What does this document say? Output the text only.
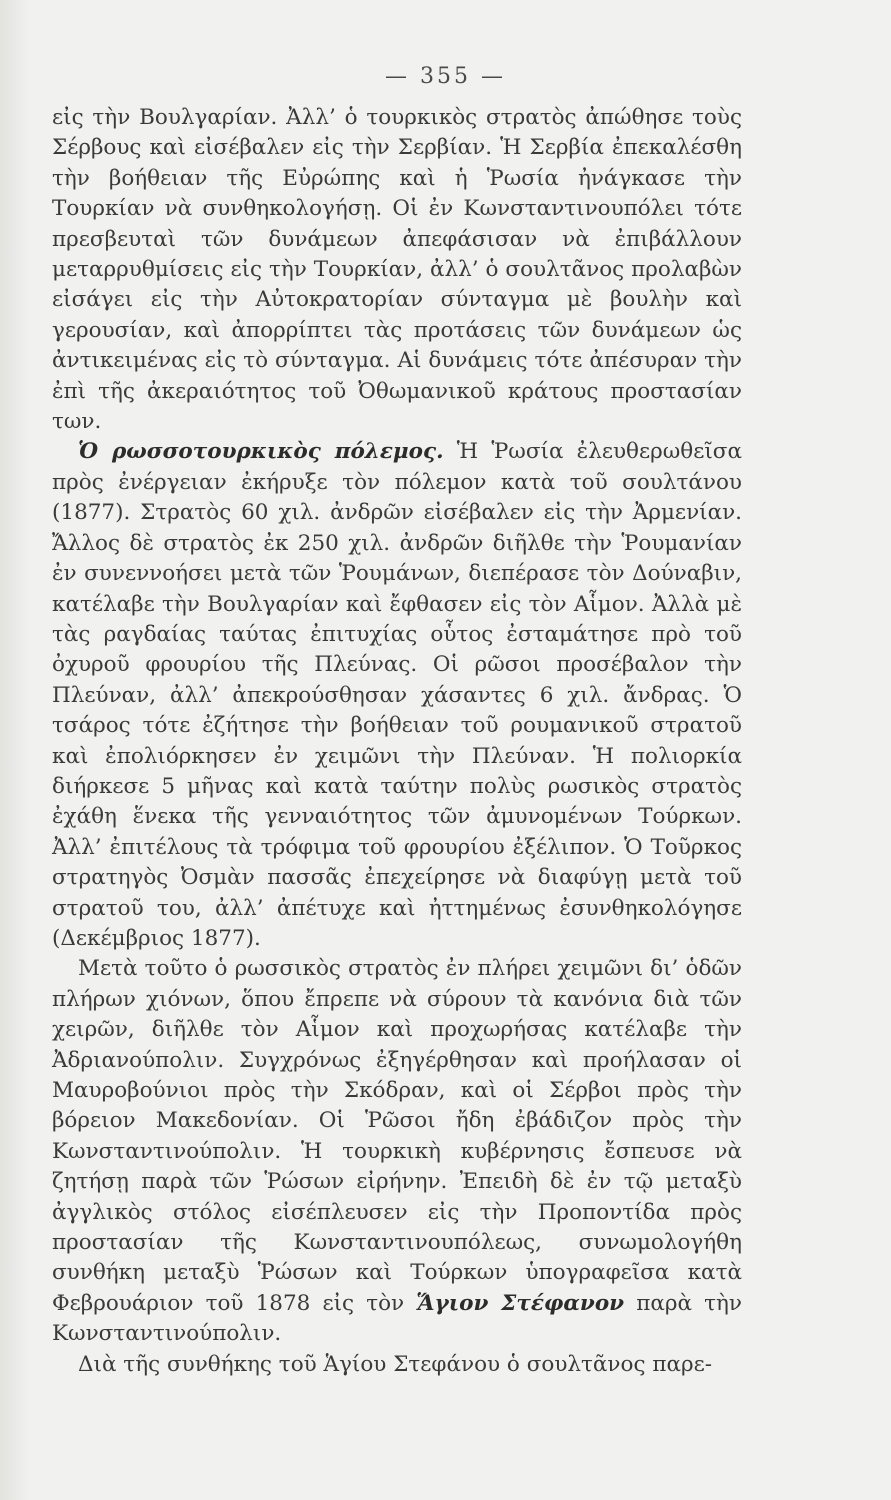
— 355 —

εἰς τὴν Βουλγαρίαν. Ἀλλ’ ὁ τουρκικὸς στρατὸς ἀπώθησε τοὺς Σέρβους καὶ εἰσέβαλεν εἰς τὴν Σερβίαν. Ἡ Σερβία ἐπεκαλέσθη τὴν βοήθειαν τῆς Εὐρώπης καὶ ἡ Ῥωσία ἠνάγκασε τὴν Τουρκίαν νὰ συνθηκολογήσῃ. Οἱ ἐν Κωνσταντινουπόλει τότε πρεσβευταὶ τῶν δυνάμεων ἀπεφάσισαν νὰ ἐπιβάλλουν μεταρρυθμίσεις εἰς τὴν Τουρκίαν, ἀλλ’ ὁ σουλτᾶνος προλαβὼν εἰσάγει εἰς τὴν Αὐτοκρατορίαν σύνταγμα μὲ βουλὴν καὶ γερουσίαν, καὶ ἀπορρίπτει τὰς προτάσεις τῶν δυνάμεων ὡς ἀντικειμένας εἰς τὸ σύνταγμα. Αἱ δυνάμεις τότε ἀπέσυραν τὴν ἐπὶ τῆς ἀκεραιότητος τοῦ Ὀθωμανικοῦ κράτους προστασίαν των.

Ὁ ρωσσοτουρκικὸς πόλεμος. Ἡ Ῥωσία ἐλευθερωθεῖσα πρὸς ἐνέργειαν ἐκήρυξε τὸν πόλεμον κατὰ τοῦ σουλτάνου (1877). Στρατὸς 60 χιλ. ἀνδρῶν εἰσέβαλεν εἰς τὴν Ἀρμενίαν. Ἄλλος δὲ στρατὸς ἐκ 250 χιλ. ἀνδρῶν διῆλθε τὴν Ῥουμανίαν ἐν συνεννοήσει μετὰ τῶν Ῥουμάνων, διεπέρασε τὸν Δούναβιν, κατέλαβε τὴν Βουλγαρίαν καὶ ἔφθασεν εἰς τὸν Αἷμον. Ἀλλὰ μὲ τὰς ραγδαίας ταύτας ἐπιτυχίας οὗτος ἐσταμάτησε πρὸ τοῦ ὀχυροῦ φρουρίου τῆς Πλεύνας. Οἱ ρῶσοι προσέβαλον τὴν Πλεύναν, ἀλλ’ ἀπεκρούσθησαν χάσαντες 6 χιλ. ἄνδρας. Ὁ τσάρος τότε ἐζήτησε τὴν βοήθειαν τοῦ ρουμανικοῦ στρατοῦ καὶ ἐπολιόρκησεν ἐν χειμῶνι τὴν Πλεύναν. Ἡ πολιορκία διήρκεσε 5 μῆνας καὶ κατὰ ταύτην πολὺς ρωσικὸς στρατὸς ἐχάθη ἕνεκα τῆς γενναιότητος τῶν ἀμυνομένων Τούρκων. Ἀλλ’ ἐπιτέλους τὰ τρόφιμα τοῦ φρουρίου ἐξέλιπον. Ὁ Τοῦρκος στρατηγὸς Ὀσμὰν πασσᾶς ἐπεχείρησε νὰ διαφύγῃ μετὰ τοῦ στρατοῦ του, ἀλλ’ ἀπέτυχε καὶ ἠττημένως ἐσυνθηκολόγησε (Δεκέμβριος 1877).

Μετὰ τοῦτο ὁ ρωσσικὸς στρατὸς ἐν πλήρει χειμῶνι δι’ ὁδῶν πλήρων χιόνων, ὅπου ἔπρεπε νὰ σύρουν τὰ κανόνια διὰ τῶν χειρῶν, διῆλθε τὸν Αἷμον καὶ προχωρήσας κατέλαβε τὴν Ἀδριανούπολιν. Συγχρόνως ἐξηγέρθησαν καὶ προήλασαν οἱ Μαυροβούνιοι πρὸς τὴν Σκόδραν, καὶ οἱ Σέρβοι πρὸς τὴν βόρειον Μακεδονίαν. Οἱ Ῥῶσοι ἤδη ἐβάδιζον πρὸς τὴν Κωνσταντινούπολιν. Ἡ τουρκικὴ κυβέρνησις ἔσπευσε νὰ ζητήσῃ παρὰ τῶν Ῥώσων εἰρήνην. Ἐπειδὴ δὲ ἐν τῷ μεταξὺ ἀγγλικὸς στόλος εἰσέπλευσεν εἰς τὴν Προποντίδα πρὸς προστασίαν τῆς Κωνσταντινουπόλεως, συνωμολογήθη συνθήκη μεταξὺ Ῥώσων καὶ Τούρκων ὑπογραφεῖσα κατὰ Φεβρουάριον τοῦ 1878 εἰς τὸν Ἅγιον Στέφανον παρὰ τὴν Κωνσταντινούπολιν.

Διὰ τῆς συνθήκης τοῦ Ἁγίου Στεφάνου ὁ σουλτᾶνος παρε-
